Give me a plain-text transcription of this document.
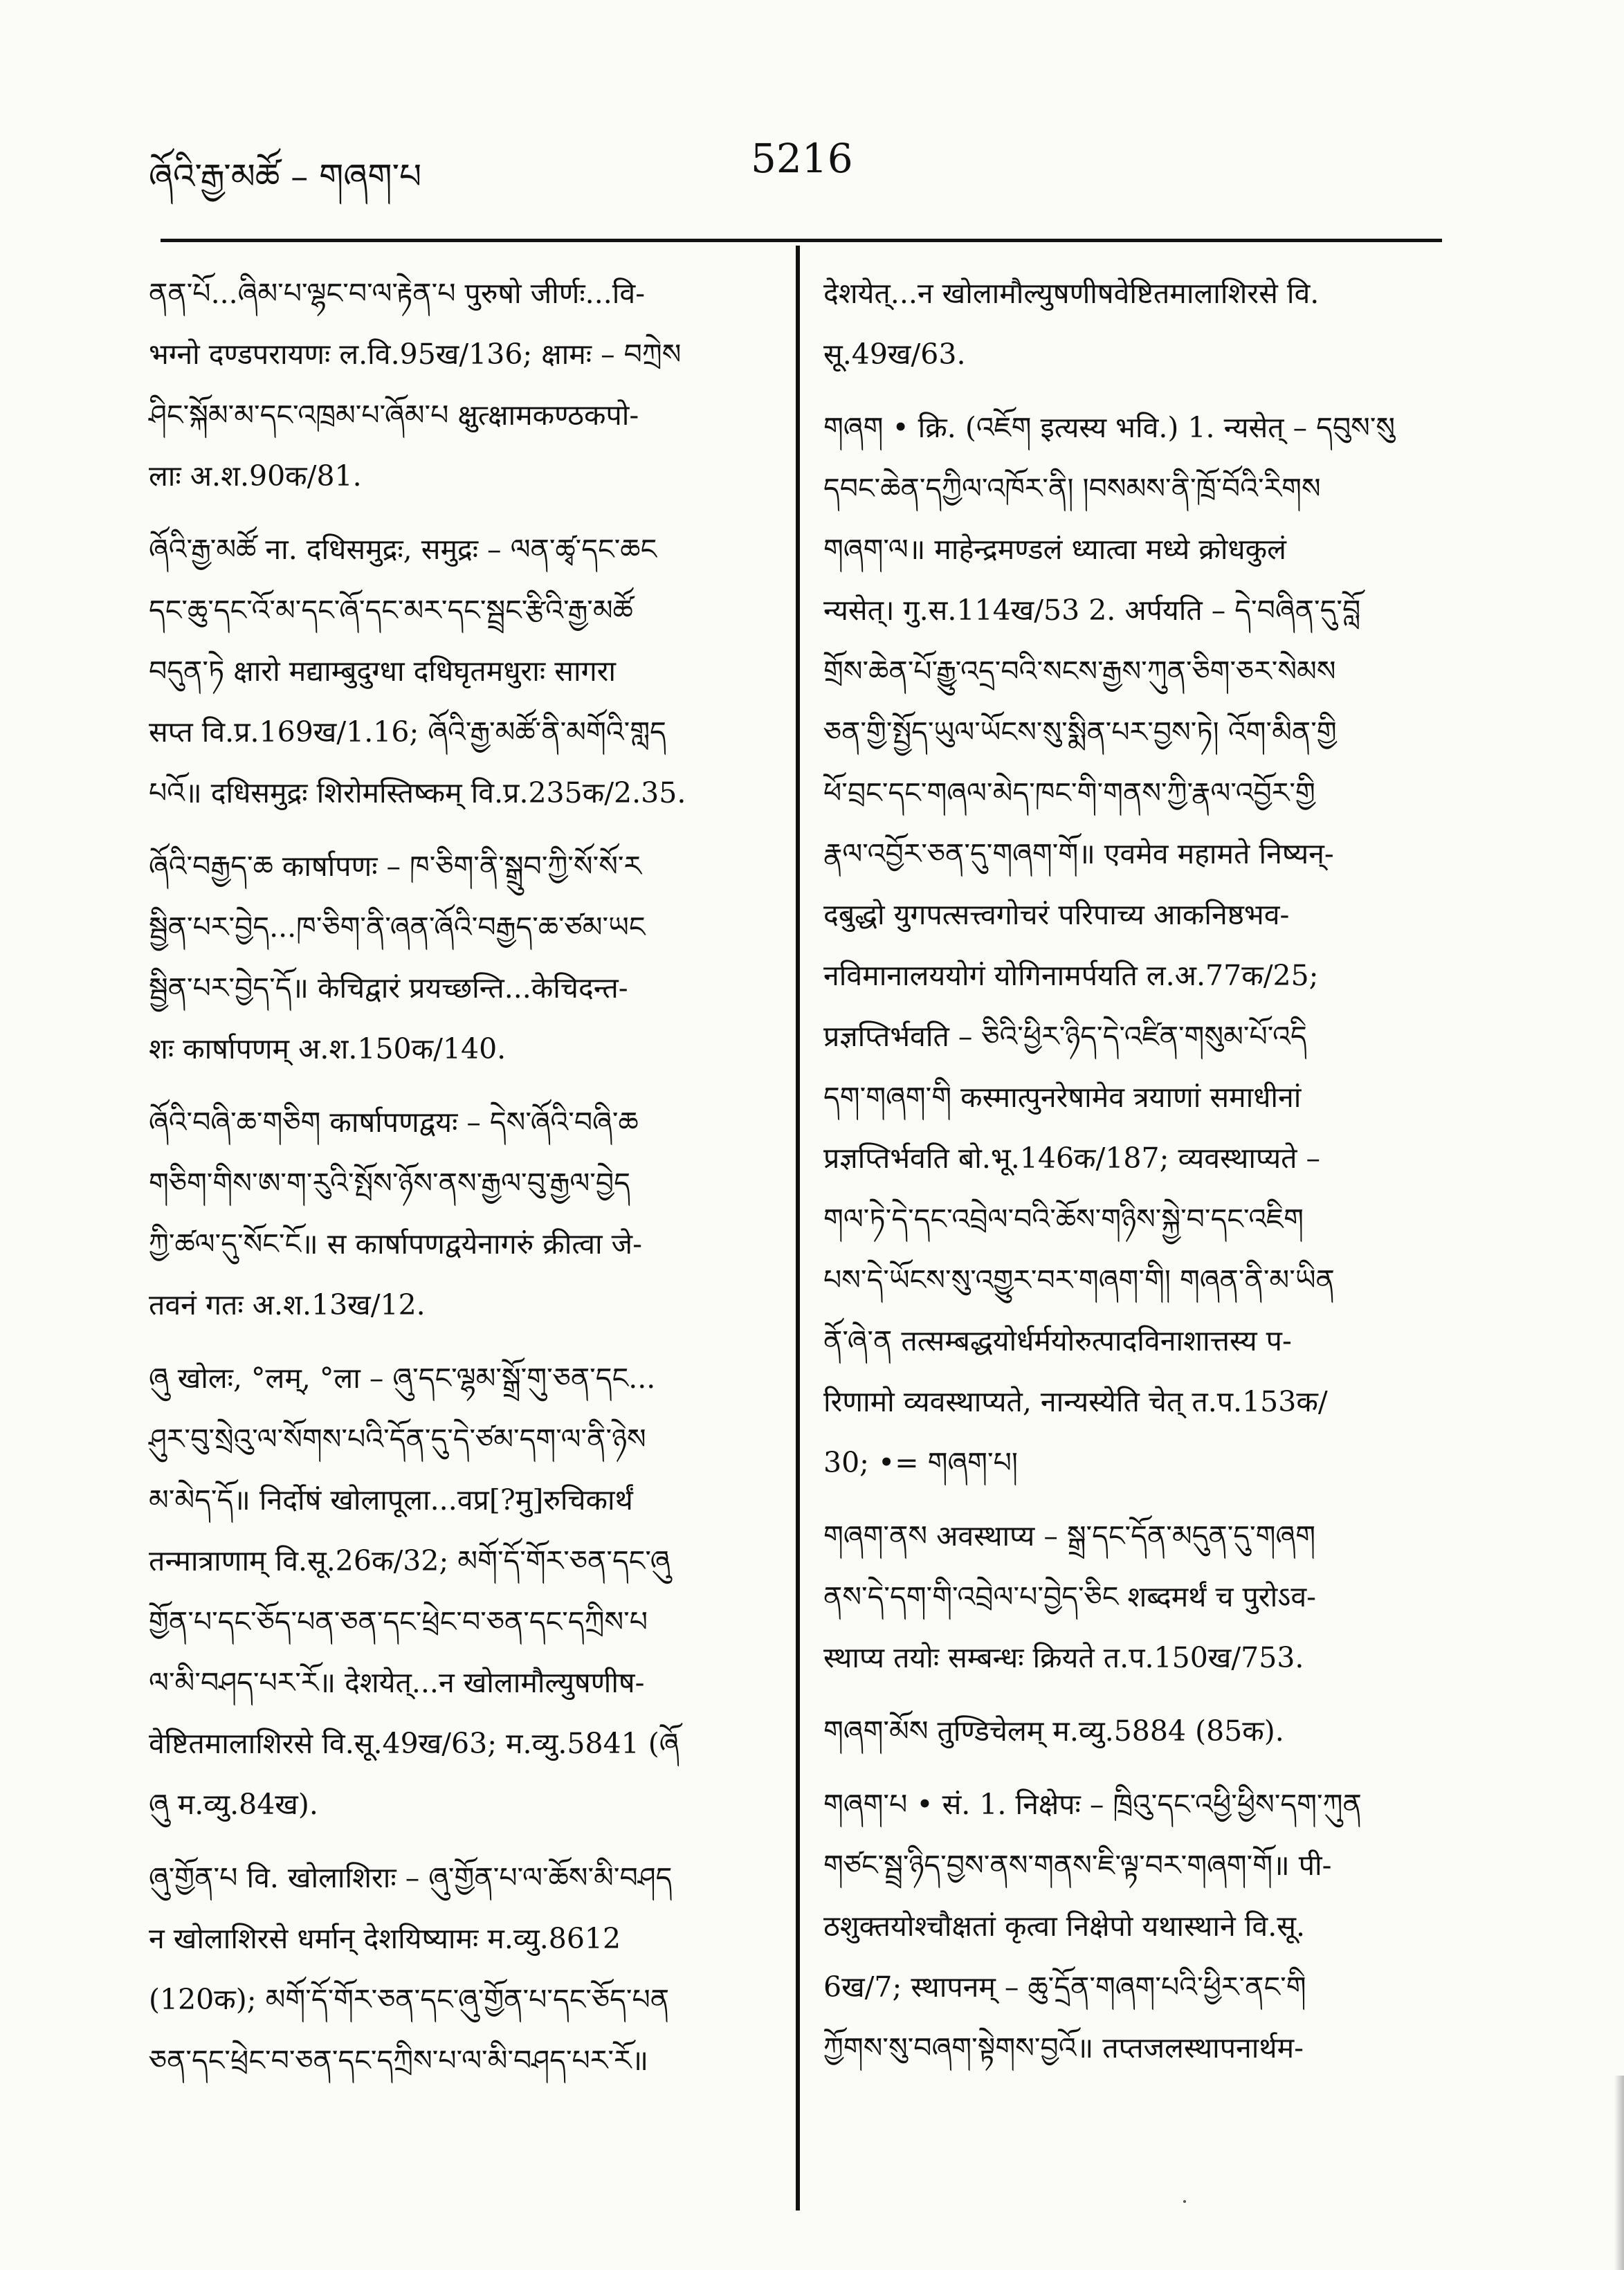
ཞོའི་རྒྱ་མཚོ – གཞག་པ	5216

ནན་པོ...ཞིམ་པ་ལྷང་བ་ལ་རྟེན་པ पुरुषो जीर्णः...वि-
भग्नो दण्डपरायणः ल.वि.95ख/136; क्षामः – བཀྲེས
ཤིང་སྐོམ་མ་དང་འཁྲམ་པ་ཞོམ་པ क्षुत्क्षामकण्ठकपो-
लाः अ.श.90क/81.

ཞོའི་རྒྱ་མཚོ ना. दधिसमुद्रः, समुद्रः – ལན་ཚྭ་དང་ཆང
དང་ཆུ་དང་འོ་མ་དང་ཞོ་དང་མར་དང་སྦྲང་རྩིའི་རྒྱ་མཚོ
བདུན་ཏེ क्षारो मद्याम्बुदुग्धा दधिघृतमधुराः सागरा
सप्त वि.प्र.169ख/1.16; ཞོའི་རྒྱ་མཚོ་ནི་མགོའི་གླད
པའོ॥ दधिसमुद्रः शिरोमस्तिष्कम् वि.प्र.235क/2.35.

ཞོའི་བརྒྱད་ཆ कार्षापणः – ཁ་ཅིག་ནི་སྒྲུབ་ཀྱི་སོ་སོ་ར
སྦྱིན་པར་བྱེད...ཁ་ཅིག་ནི་ཞན་ཞོའི་བརྒྱད་ཆ་ཙམ་ཡང
སྦྱིན་པར་བྱེད་དོ॥ केचिद्वारं प्रयच्छन्ति...केचिदन्त-
शः कार्षापणम् अ.श.150क/140.

ཞོའི་བཞི་ཆ་གཅིག कार्षापणद्वयः – དེས་ཞོའི་བཞི་ཆ
གཅིག་གིས་ཨ་ག་རུའི་སྤོས་ཉོས་ནས་རྒྱལ་བུ་རྒྱལ་བྱེད
ཀྱི་ཚལ་དུ་སོང་ངོ॥ स कार्षापणद्वयेनागरुं क्रीत्वा जे-
तवनं गतः अ.श.13ख/12.

ཞུ खोलः, °लम्, °ला – ཞུ་དང་ལྷམ་སྒྲོ་གུ་ཅན་དང...
ཤུར་བུ་སྲེའུ་ལ་སོགས་པའི་དོན་དུ་དེ་ཙམ་དག་ལ་ནི་ཉེས
མ་མེད་དོ॥ निर्दोषं खोलापूला...वप्र[?मु]रुचिकार्थं
तन्मात्राणाम् वि.सू.26क/32; མགོ་དོ་གོར་ཅན་དང་ཞུ
གྱོན་པ་དང་ཅོད་པན་ཅན་དང་ཕྲེང་བ་ཅན་དང་དཀྲིས་པ
ལ་མི་བཤད་པར་རོ॥ देशयेत्...न खोलामौल्युषणीष-
वेष्टितमालाशिरसे वि.सू.49ख/63; म.व्यु.5841 (ཞོ
ཞུ म.व्यु.84ख).

ཞུ་གྱོན་པ वि. खोलाशिराः – ཞུ་གྱོན་པ་ལ་ཆོས་མི་བཤད
न खोलाशिरसे धर्मान् देशयिष्यामः म.व्यु.8612
(120क); མགོ་དོ་གོར་ཅན་དང་ཞུ་གྱོན་པ་དང་ཅོད་པན
ཅན་དང་ཕྲེང་བ་ཅན་དང་དཀྲིས་པ་ལ་མི་བཤད་པར་རོ॥

देशयेत्...न खोलामौल्युषणीषवेष्टितमालाशिरसे वि.
सू.49ख/63.

གཞག • क्रि. (འཇོག इत्यस्य भवि.) 1. न्यसेत् – དབུས་སུ
དབང་ཆེན་དཀྱིལ་འཁོར་ནི། །བསམས་ནི་ཁྲོ་བོའི་རིགས
གཞག་ལ॥ माहेन्द्रमण्डलं ध्यात्वा मध्ये क्रोधकुलं
न्यसेत्। गु.स.114ख/53 2. अर्पयति – དེ་བཞིན་དུ་བློ
གྲོས་ཆེན་པོ་རྒྱུ་འདྲ་བའི་སངས་རྒྱས་ཀུན་ཅིག་ཅར་སེམས
ཅན་གྱི་སྤྱོད་ཡུལ་ཡོངས་སུ་སྨིན་པར་བྱས་ཏེ། འོག་མིན་གྱི
ཕོ་བྲང་དང་གཞལ་མེད་ཁང་གི་གནས་ཀྱི་རྣལ་འབྱོར་གྱི
རྣལ་འབྱོར་ཅན་དུ་གཞག་གོ॥ एवमेव महामते निष्यन्-
दबुद्धो युगपत्सत्त्वगोचरं परिपाच्य आकनिष्ठभव-
नविमानालययोगं योगिनामर्पयति ल.अ.77क/25;
प्रज्ञप्तिर्भवति – ཅིའི་ཕྱིར་ཉིད་དེ་འཛིན་གསུམ་པོ་འདི
དག་གཞག་གི कस्मात्पुनरेषामेव त्रयाणां समाधीनां
प्रज्ञप्तिर्भवति बो.भू.146क/187; व्यवस्थाप्यते –
གལ་ཏེ་དེ་དང་འབྲེལ་བའི་ཆོས་གཉིས་སྐྱེ་བ་དང་འཇིག
པས་དེ་ཡོངས་སུ་འགྱུར་བར་གཞག་གི། གཞན་ནི་མ་ཡིན
ནོ་ཞེ་ན तत्सम्बद्धयोर्धर्मयोरुत्पादविनाशात्तस्य प-
रिणामो व्यवस्थाप्यते, नान्यस्येति चेत् त.प.153क/
30; •= གཞག་པ།

གཞག་ནས अवस्थाप्य – སྒྲ་དང་དོན་མདུན་དུ་གཞག
ནས་དེ་དག་གི་འབྲེལ་པ་བྱེད་ཅིང शब्दमर्थं च पुरोऽव-
स्थाप्य तयोः सम्बन्धः क्रियते त.प.150ख/753.

གཞག་མོས तुण्डिचेलम् म.व्यु.5884 (85क).

གཞག་པ • सं. 1. निक्षेपः – ཁྲིའུ་དང་འཕྱི་ཕྱིས་དག་ཀུན
གཙང་སྦྲ་ཉིད་བྱས་ནས་གནས་ཇི་ལྟ་བར་གཞག་གོ॥ पी-
ठशुक्तयोश्चौक्षतां कृत्वा निक्षेपो यथास्थाने वि.सू.
6ख/7; स्थापनम् – ཆུ་དྲོན་གཞག་པའི་ཕྱིར་ནང་གི
ཀྱོགས་སུ་བཞག་སྟེགས་བྱའོ॥ तप्तजलस्थापनार्थम-
